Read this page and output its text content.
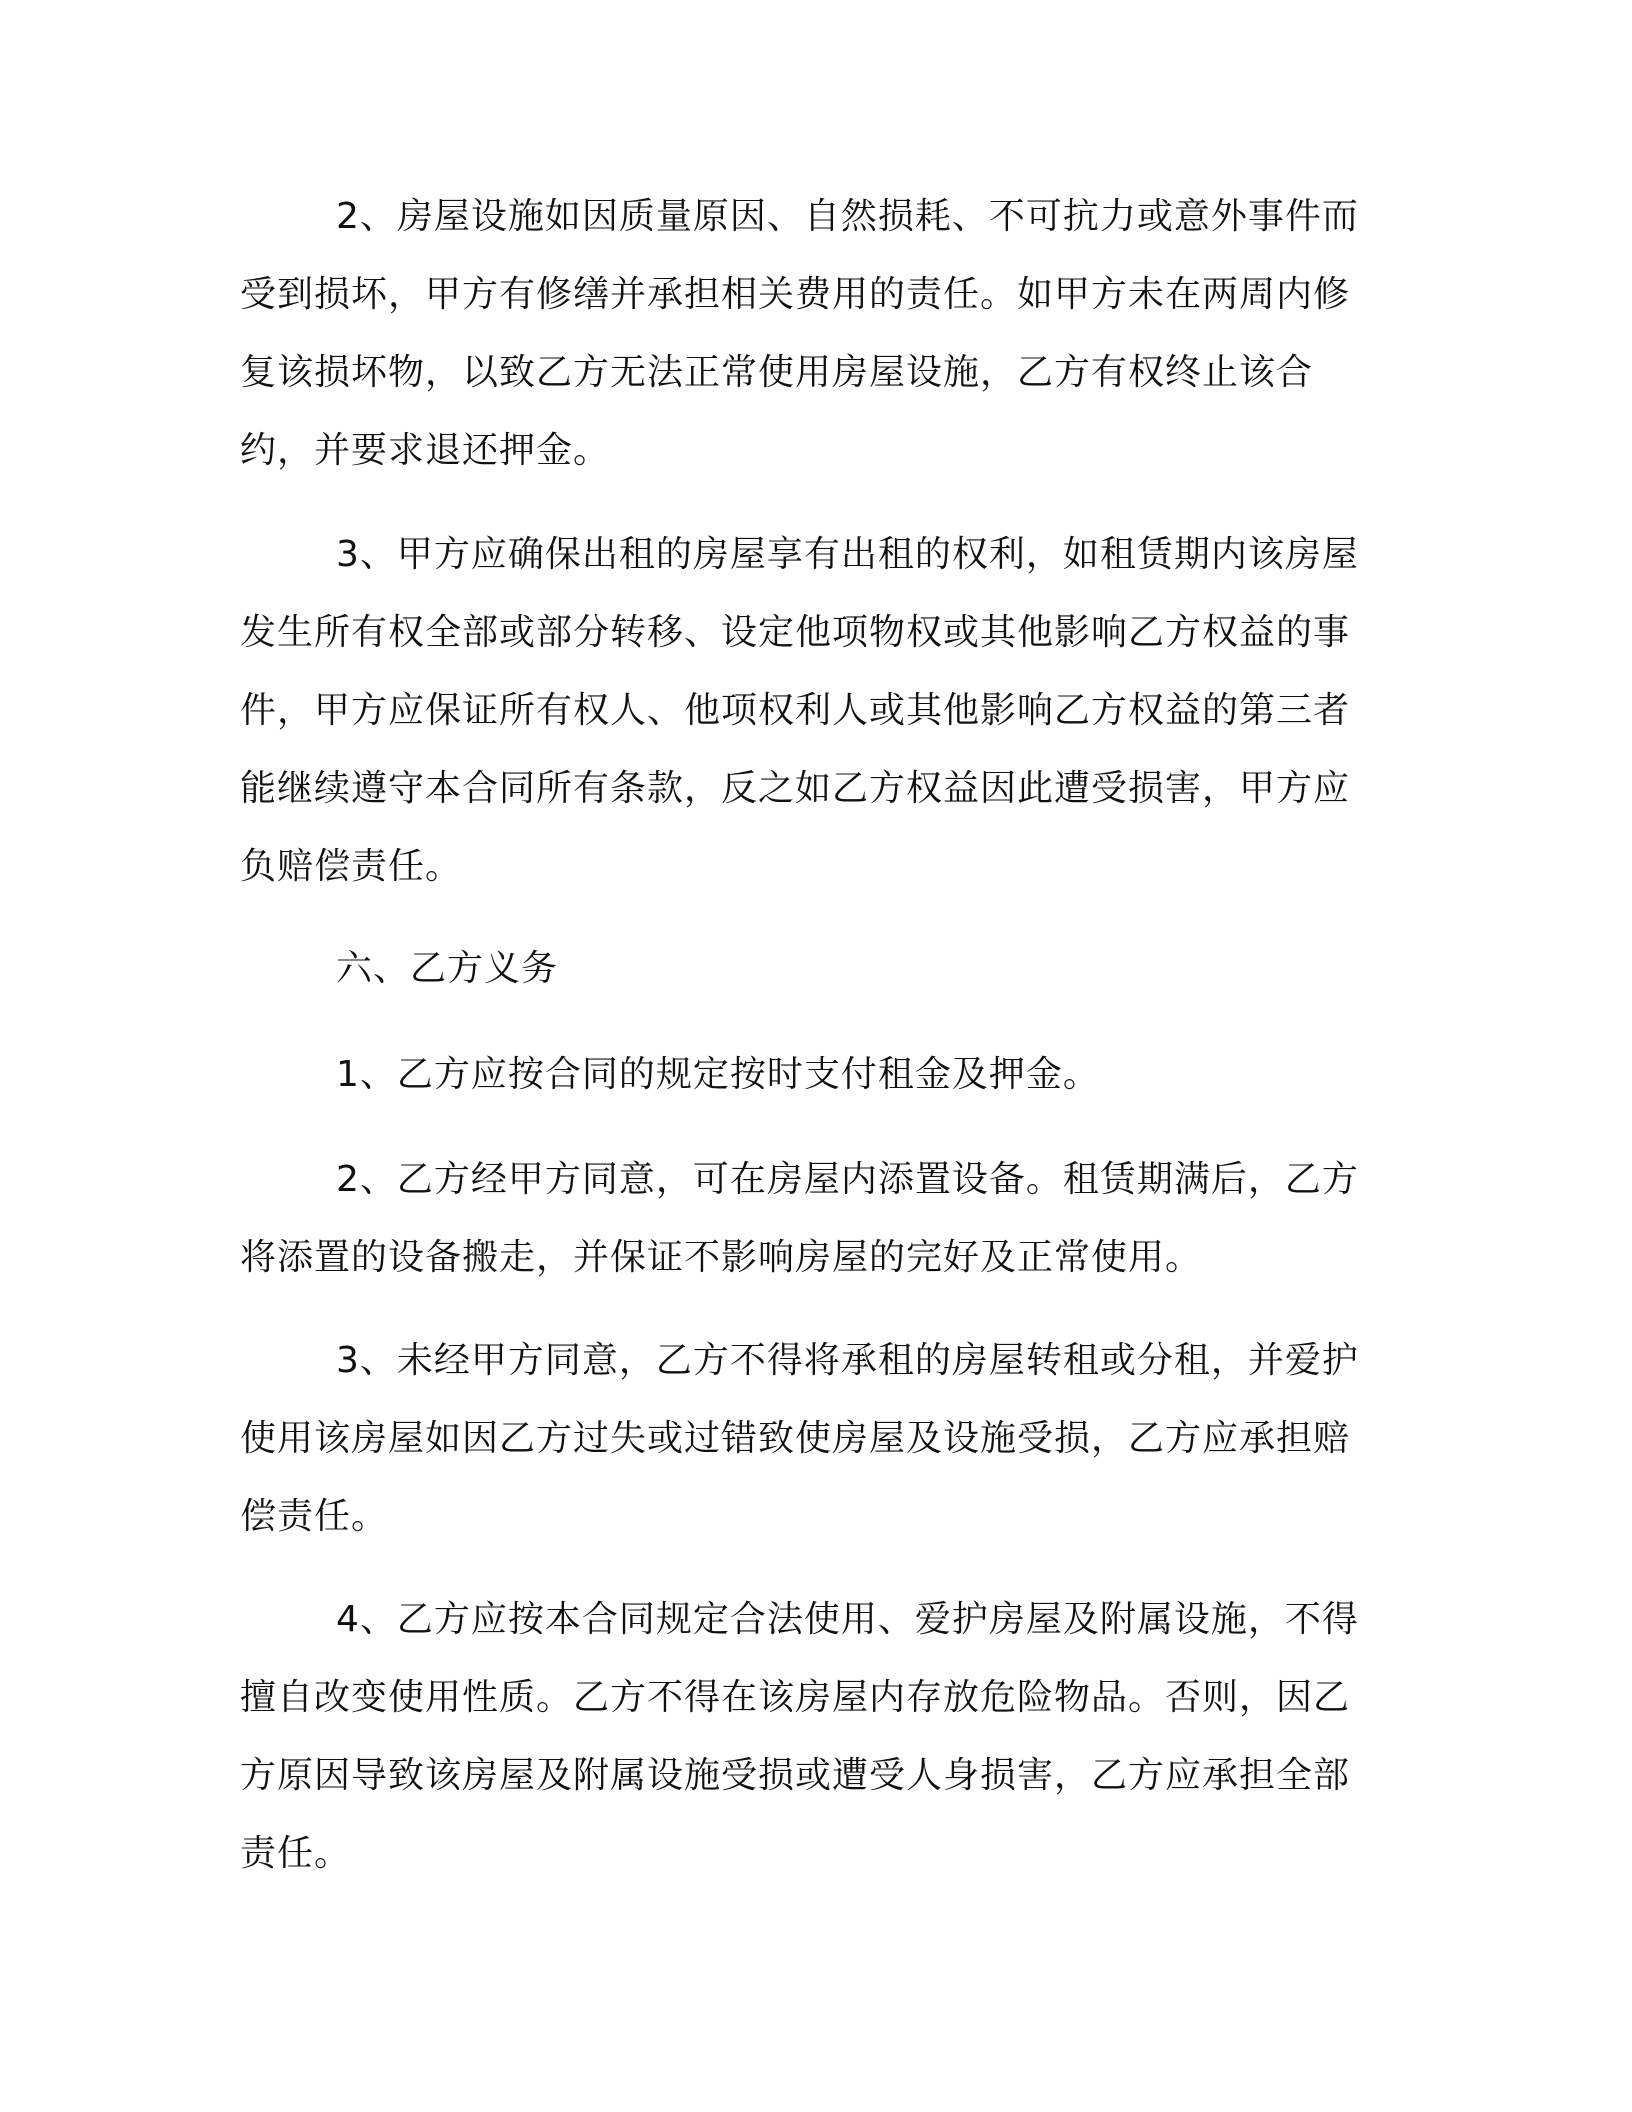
2、房屋设施如因质量原因、自然损耗、不可抗力或意外事件而受到损坏，甲方有修缮并承担相关费用的责任。如甲方未在两周内修复该损坏物，以致乙方无法正常使用房屋设施，乙方有权终止该合约，并要求退还押金。

3、甲方应确保出租的房屋享有出租的权利，如租赁期内该房屋发生所有权全部或部分转移、设定他项物权或其他影响乙方权益的事件，甲方应保证所有权人、他项权利人或其他影响乙方权益的第三者能继续遵守本合同所有条款，反之如乙方权益因此遭受损害，甲方应负赔偿责任。

六、乙方义务

1、乙方应按合同的规定按时支付租金及押金。

2、乙方经甲方同意，可在房屋内添置设备。租赁期满后，乙方将添置的设备搬走，并保证不影响房屋的完好及正常使用。

3、未经甲方同意，乙方不得将承租的房屋转租或分租，并爱护使用该房屋如因乙方过失或过错致使房屋及设施受损，乙方应承担赔偿责任。

4、乙方应按本合同规定合法使用、爱护房屋及附属设施，不得擅自改变使用性质。乙方不得在该房屋内存放危险物品。否则，因乙方原因导致该房屋及附属设施受损或遭受人身损害，乙方应承担全部责任。
